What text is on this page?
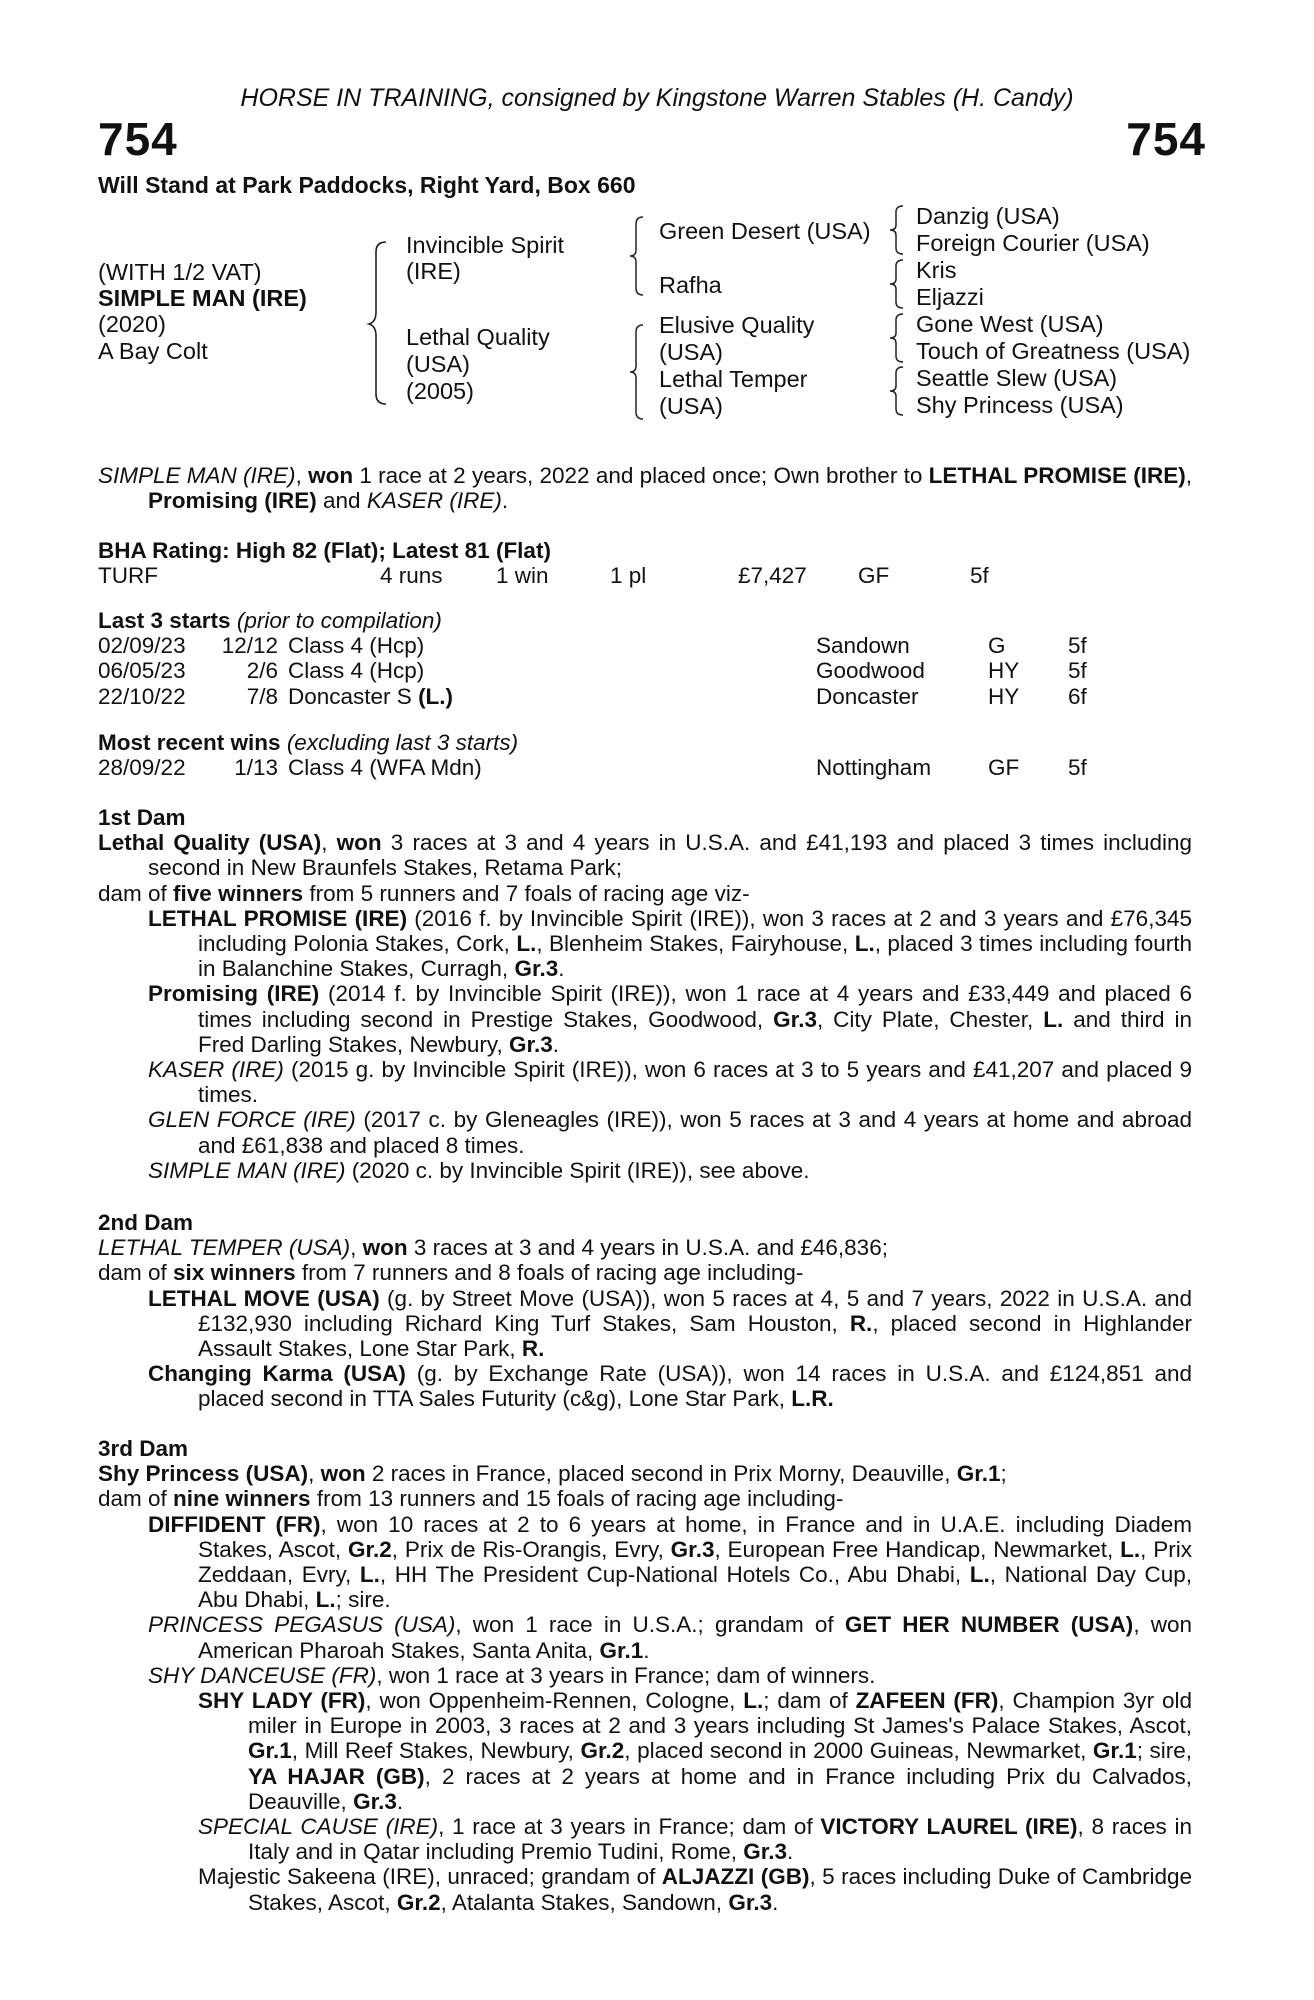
HORSE IN TRAINING, consigned by Kingstone Warren Stables (H. Candy)
754	754
Will Stand at Park Paddocks, Right Yard, Box 660
(WITH 1/2 VAT)
SIMPLE MAN (IRE)
(2020)
A Bay Colt
Invincible Spirit
(IRE)
Lethal Quality
(USA)
(2005)
Green Desert (USA)
Rafha
Elusive Quality
(USA)
Lethal Temper
(USA)
Danzig (USA)
Foreign Courier (USA)
Kris
Eljazzi
Gone West (USA)
Touch of Greatness (USA)
Seattle Slew (USA)
Shy Princess (USA)

SIMPLE MAN (IRE), won 1 race at 2 years, 2022 and placed once; Own brother to LETHAL PROMISE (IRE), Promising (IRE) and KASER (IRE).

BHA Rating: High 82 (Flat); Latest 81 (Flat)
TURF	4 runs 1 win	1 pl	£7,427 GF	5f
Last 3 starts (prior to compilation)
02/09/23 12/12 Class 4 (Hcp)	Sandown	G	5f
06/05/23	2/6 Class 4 (Hcp)	Goodwood	HY 5f
22/10/22	7/8 Doncaster S (L.)	Doncaster	HY 6f
Most recent wins (excluding last 3 starts)
28/09/22 1/13 Class 4 (WFA Mdn)	Nottingham	GF 5f
1st Dam

Lethal Quality (USA), won 3 races at 3 and 4 years in U.S.A. and £41,193 and placed 3 times including second in New Braunfels Stakes, Retama Park;

dam of five winners from 5 runners and 7 foals of racing age viz-

LETHAL PROMISE (IRE) (2016 f. by Invincible Spirit (IRE)), won 3 races at 2 and 3 years and £76,345 including Polonia Stakes, Cork, L., Blenheim Stakes, Fairyhouse, L., placed 3 times including fourth in Balanchine Stakes, Curragh, Gr.3.

Promising (IRE) (2014 f. by Invincible Spirit (IRE)), won 1 race at 4 years and £33,449 and placed 6 times including second in Prestige Stakes, Goodwood, Gr.3, City Plate, Chester, L. and third in Fred Darling Stakes, Newbury, Gr.3.

KASER (IRE) (2015 g. by Invincible Spirit (IRE)), won 6 races at 3 to 5 years and £41,207 and placed 9 times.

GLEN FORCE (IRE) (2017 c. by Gleneagles (IRE)), won 5 races at 3 and 4 years at home and abroad and £61,838 and placed 8 times.

SIMPLE MAN (IRE) (2020 c. by Invincible Spirit (IRE)), see above.

2nd Dam

LETHAL TEMPER (USA), won 3 races at 3 and 4 years in U.S.A. and £46,836;

dam of six winners from 7 runners and 8 foals of racing age including-

LETHAL MOVE (USA) (g. by Street Move (USA)), won 5 races at 4, 5 and 7 years, 2022 in U.S.A. and £132,930 including Richard King Turf Stakes, Sam Houston, R., placed second in Highlander Assault Stakes, Lone Star Park, R.

Changing Karma (USA) (g. by Exchange Rate (USA)), won 14 races in U.S.A. and £124,851 and placed second in TTA Sales Futurity (c&g), Lone Star Park, L.R.

3rd Dam

Shy Princess (USA), won 2 races in France, placed second in Prix Morny, Deauville, Gr.1;

dam of nine winners from 13 runners and 15 foals of racing age including-

DIFFIDENT (FR), won 10 races at 2 to 6 years at home, in France and in U.A.E. including Diadem Stakes, Ascot, Gr.2, Prix de Ris-Orangis, Evry, Gr.3, European Free Handicap, Newmarket, L., Prix Zeddaan, Evry, L., HH The President Cup-National Hotels Co., Abu Dhabi, L., National Day Cup, Abu Dhabi, L.; sire.

PRINCESS PEGASUS (USA), won 1 race in U.S.A.; grandam of GET HER NUMBER (USA), won American Pharoah Stakes, Santa Anita, Gr.1.

SHY DANCEUSE (FR), won 1 race at 3 years in France; dam of winners.

SHY LADY (FR), won Oppenheim-Rennen, Cologne, L.; dam of ZAFEEN (FR), Champion 3yr old miler in Europe in 2003, 3 races at 2 and 3 years including St James's Palace Stakes, Ascot, Gr.1, Mill Reef Stakes, Newbury, Gr.2, placed second in 2000 Guineas, Newmarket, Gr.1; sire, YA HAJAR (GB), 2 races at 2 years at home and in France including Prix du Calvados, Deauville, Gr.3.

SPECIAL CAUSE (IRE), 1 race at 3 years in France; dam of VICTORY LAUREL (IRE), 8 races in Italy and in Qatar including Premio Tudini, Rome, Gr.3.

Majestic Sakeena (IRE), unraced; grandam of ALJAZZI (GB), 5 races including Duke of Cambridge Stakes, Ascot, Gr.2, Atalanta Stakes, Sandown, Gr.3.
